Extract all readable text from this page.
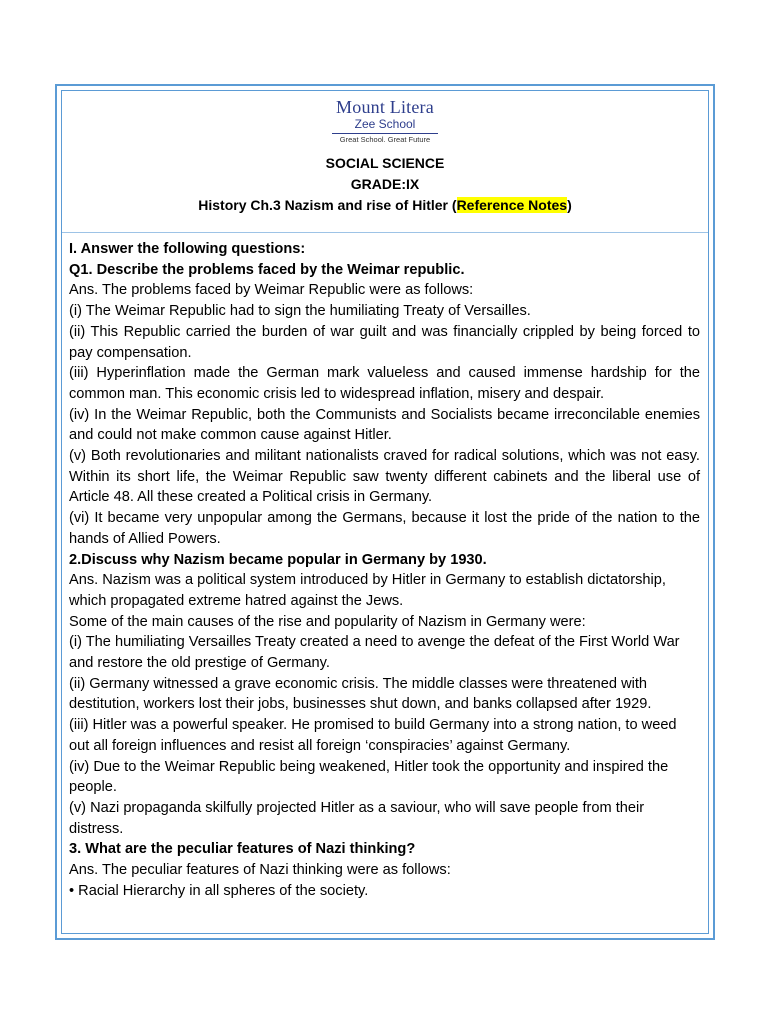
Mount Litera
Zee School
Great School. Great Future
SOCIAL SCIENCE
GRADE:IX
History Ch.3 Nazism and rise of Hitler (Reference Notes)

I. Answer the following questions:

Q1. Describe the problems faced by the Weimar republic.

Ans. The problems faced by Weimar Republic were as follows:

(i) The Weimar Republic had to sign the humiliating Treaty of Versailles.

(ii) This Republic carried the burden of war guilt and was financially crippled by being forced to pay compensation.

(iii) Hyperinflation made the German mark valueless and caused immense hardship for the common man. This economic crisis led to widespread inflation, misery and despair.

(iv) In the Weimar Republic, both the Communists and Socialists became irreconcilable enemies and could not make common cause against Hitler.

(v) Both revolutionaries and militant nationalists craved for radical solutions, which was not easy. Within its short life, the Weimar Republic saw twenty different cabinets and the liberal use of Article 48. All these created a Political crisis in Germany.

(vi) It became very unpopular among the Germans, because it lost the pride of the nation to the hands of Allied Powers.

2.Discuss why Nazism became popular in Germany by 1930.

Ans. Nazism was a political system introduced by Hitler in Germany to establish dictatorship, which propagated extreme hatred against the Jews.

Some of the main causes of the rise and popularity of Nazism in Germany were:

(i) The humiliating Versailles Treaty created a need to avenge the defeat of the First World War and restore the old prestige of Germany.

(ii) Germany witnessed a grave economic crisis. The middle classes were threatened with destitution, workers lost their jobs, businesses shut down, and banks collapsed after 1929.

(iii) Hitler was a powerful speaker. He promised to build Germany into a strong nation, to weed out all foreign influences and resist all foreign ‘conspiracies’ against Germany.

(iv) Due to the Weimar Republic being weakened, Hitler took the opportunity and inspired the people.

(v) Nazi propaganda skilfully projected Hitler as a saviour, who will save people from their distress.

3. What are the peculiar features of Nazi thinking?

Ans. The peculiar features of Nazi thinking were as follows:

• Racial Hierarchy in all spheres of the society.
